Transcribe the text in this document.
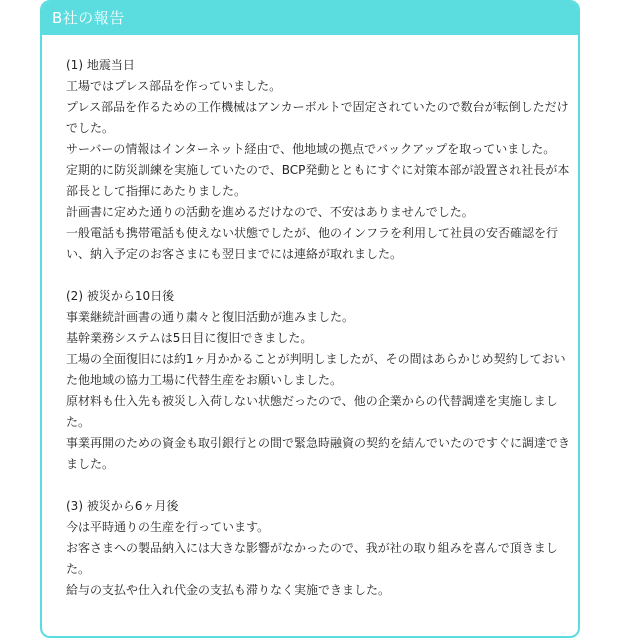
B社の報告

(1) 地震当日

工場ではプレス部品を作っていました。

プレス部品を作るための工作機械はアンカーボルトで固定されていたので数台が転倒しただけでした。

サーバーの情報はインターネット経由で、他地域の拠点でバックアップを取っていました。

定期的に防災訓練を実施していたので、BCP発動とともにすぐに対策本部が設置され社長が本部長として指揮にあたりました。

計画書に定めた通りの活動を進めるだけなので、不安はありませんでした。

一般電話も携帯電話も使えない状態でしたが、他のインフラを利用して社員の安否確認を行い、納入予定のお客さまにも翌日までには連絡が取れました。

(2) 被災から10日後

事業継続計画書の通り粛々と復旧活動が進みました。

基幹業務システムは5日目に復旧できました。

工場の全面復旧には約1ヶ月かかることが判明しましたが、その間はあらかじめ契約しておいた他地域の協力工場に代替生産をお願いしました。

原材料も仕入先も被災し入荷しない状態だったので、他の企業からの代替調達を実施しました。

事業再開のための資金も取引銀行との間で緊急時融資の契約を結んでいたのですぐに調達できました。

(3) 被災から6ヶ月後

今は平時通りの生産を行っています。

お客さまへの製品納入には大きな影響がなかったので、我が社の取り組みを喜んで頂きました。

給与の支払や仕入れ代金の支払も滞りなく実施できました。
